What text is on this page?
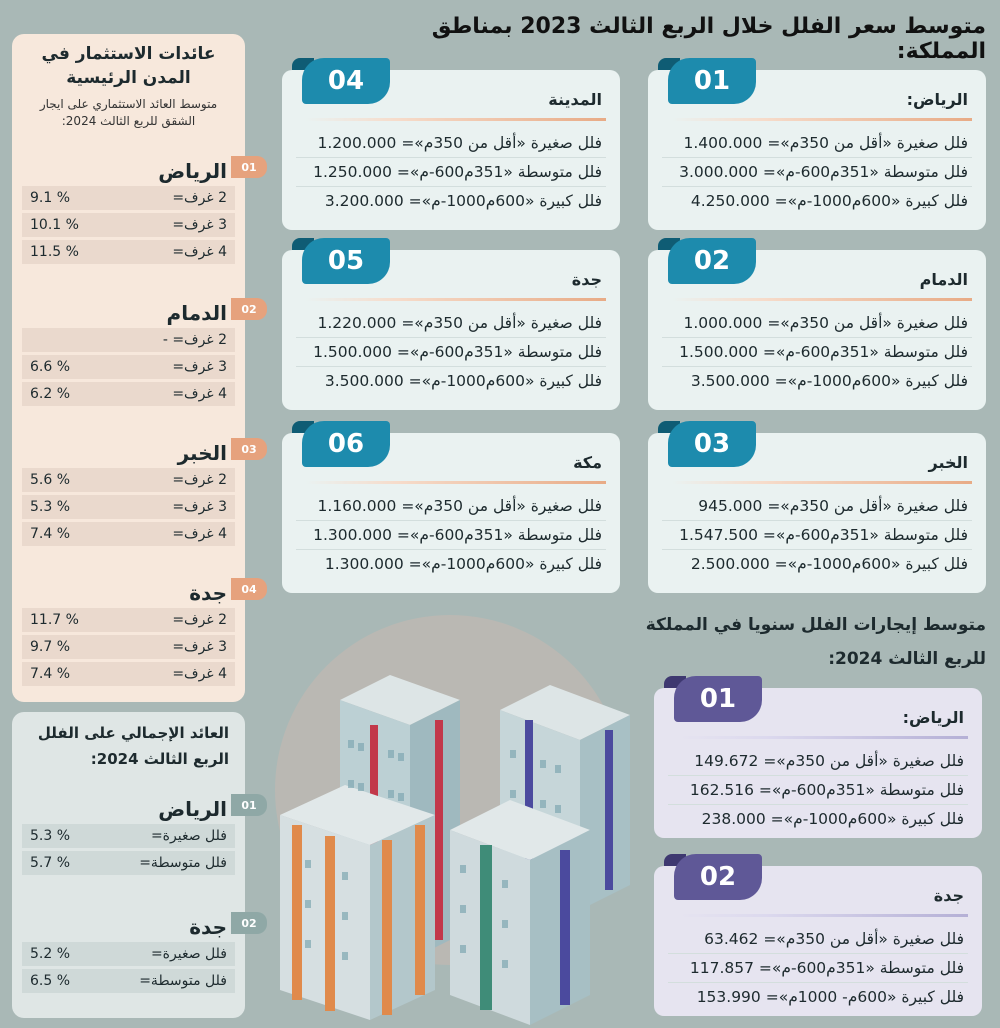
متوسط سعر الفلل خلال الربع الثالث 2023 بمناطق المملكة:
01
الرياض:
فلل صغيرة «أقل من 350م»= 1.400.000
فلل متوسطة «351م600-م»= 3.000.000
فلل كبيرة «600م1000-م»= 4.250.000
04
المدينة
فلل صغيرة «أقل من 350م»= 1.200.000
فلل متوسطة «351م600-م»= 1.250.000
فلل كبيرة «600م1000-م»= 3.200.000
02
الدمام
فلل صغيرة «أقل من 350م»= 1.000.000
فلل متوسطة «351م600-م»= 1.500.000
فلل كبيرة «600م1000-م»= 3.500.000
05
جدة
فلل صغيرة «أقل من 350م»= 1.220.000
فلل متوسطة «351م600-م»= 1.500.000
فلل كبيرة «600م1000-م»= 3.500.000
03
الخبر
فلل صغيرة «أقل من 350م»= 945.000
فلل متوسطة «351م600-م»= 1.547.500
فلل كبيرة «600م1000-م»= 2.500.000
06
مكة
فلل صغيرة «أقل من 350م»= 1.160.000
فلل متوسطة «351م600-م»= 1.300.000
فلل كبيرة «600م1000-م»= 1.300.000
متوسط إيجارات الفلل سنويا في المملكة للربع الثالث 2024:
01
الرياض:
فلل صغيرة «أقل من 350م»= 149.672
فلل متوسطة «351م600-م»= 162.516
فلل كبيرة «600م1000-م»= 238.000
02
جدة
فلل صغيرة «أقل من 350م»= 63.462
فلل متوسطة «351م600-م»= 117.857
فلل كبيرة «600م- 1000م»= 153.990
عائدات الاستثمار في المدن الرئيسية
متوسط العائد الاستثماري على ايجار الشقق للربع الثالث 2024:
01
الرياض
2 غرف=
9.1 %
3 غرف=
10.1 %
4 غرف=
11.5 %
02
الدمام
2 غرف= -
3 غرف=
6.6 %
4 غرف=
6.2 %
03
الخبر
2 غرف=
5.6 %
3 غرف=
5.3 %
4 غرف=
7.4 %
04
جدة
2 غرف=
11.7 %
3 غرف=
9.7 %
4 غرف=
7.4 %
العائد الإجمالي على الفلل الربع الثالث 2024:
01
الرياض
فلل صغيرة=
5.3 %
فلل متوسطة=
5.7 %
02
جدة
فلل صغيرة=
5.2 %
فلل متوسطة=
6.5 %
